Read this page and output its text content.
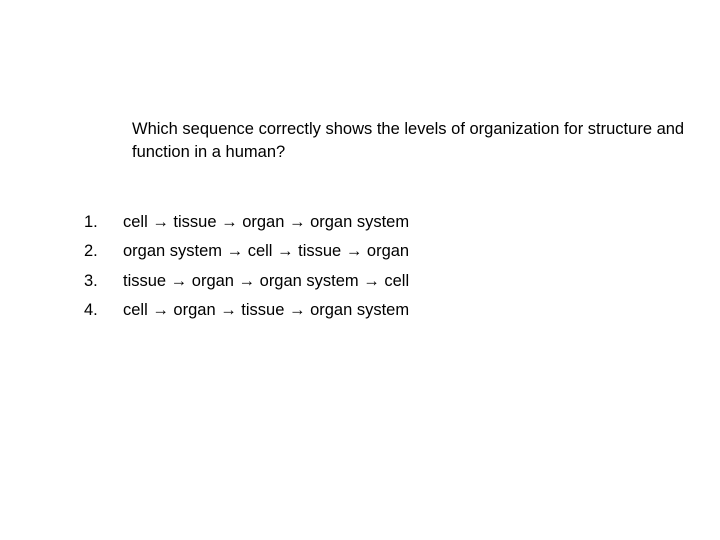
Which sequence correctly shows the levels of organization for structure and function in a human?

1.	cell → tissue → organ → organ system
2.	organ system → cell → tissue → organ
3.	tissue → organ → organ system → cell
4.	cell → organ → tissue → organ system
